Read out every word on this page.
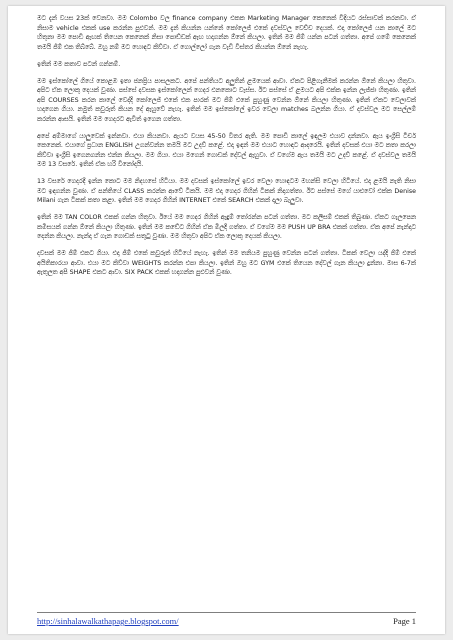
මට දැන් වයස 23ක් වෙනවා. මම Colombo වල finance company එකක Marketing Manager කෙනෙක් විදියට රස්සාවක් කරනවා. ඒ නිසාම vehicle එකක් use කරන්න පුළුවන්. මම දැන් කියන්න යන්නේ කෝලෙජ් එකේ දවස්වල වෙච්ච දෙයක්. එදා කෝලෙජ් යන කාලේ මට හිතුනා මම පොඩි ඇඟක් තියෙන කෙනෙක් නිසා පොඩ්ඩක් ඇඟ හදාගන්න ඕනේ කියලා. ඉතින් මම ජිම් යන්න පටන් ගත්තා. අපේ ගමේ කෙනෙක් තමයි ජිම් එක තිබ්බේ. ඔහු නම් මට හොඳට කිව්වා. ඒ ගොල්ලෝ ගැන වැඩි විස්තර කියන්න ඕනේ නැහැ.

ඉතින් මම කතාව පටන් ගන්නම්.

මම ඉස්කෝලේ ගියේ කොළඹ ඉතා ජනප්‍රිය පාසලකට. අපේ පන්තියට අලුතින් ළමයෙක් ආවා. ඒකට පිළිගැනීමක් කරන්න ඕනේ කියලා හිතුවා. අපිට ඒක ලොකු දෙයක් වුණා. පස්සේ දවසක ඉස්කෝලෙන් ගෙදර එනකොට වැස්ස. ඊට පස්සේ ඒ ළමයට අපි එක්ක ඉන්න ලැජ්ජා හිතුණා. ඉතින් අපි COURSES කරන කාලේ වෙද්දි කෝලෙජ් එකේ එක පාරක් මට ජිම් එකේ පුහුණු වෙන්න ඕනේ කියලා හිතුණා. ඉතින් ඒකට වෙලාවක් හදාගෙන ගියා. නමුත් කවුරුත් කියන දේ ඇහුවේ නැහැ. ඉතින් මම ඉස්කෝලේ ඉවර වෙලා matches බලන්න ගියා. ඒ දවස්වල මට සෙල්ලම් කරන්න ආසයි. ඉතින් මම ගෙදරට ඇවිත් ඉගෙන ගත්තා.

අපේ අම්මාගේ යාලුවෙක් ඉන්නවා. එයා කියනවා. ඇයට වයස 45-50 විතර ඇති. මම පොඩි කාලේ ඉඳලම එයාව දන්නවා. ඇය ඉංග්‍රීසි ටීචර් කෙනෙක්. එයාගේ ප්‍රධාන ENGLISH උගන්වන්න තමයි මට උදව් කළේ. එදා ඉඳන් මම එයාට හොඳට ආදරෙයි. ඉතින් දවසක් එයා මට කතා කරලා කිව්වා ඉංග්‍රීසි ඉගෙනගන්න එන්න කියලා. මම ගියා. එයා මගෙන් ගොඩක් දේවල් ඇහුවා. ඒ වගේම ඇය තමයි මට උදව් කළේ. ඒ දවස්වල තමයි මම 13 වසරේ. ඉතින් ඒක හරි විනෝදයි.

13 වසරේ ගෙදරදී ඉන්න කොට මම නිදහසේ හිටියා. මම දවසක් ඉස්කෝලේ ඉවර වෙලා හොඳටම මහන්සි වෙලා හිටියේ. එදා ළමයි නැති නිසා මට ඉඳගන්න වුණා. ඒ පන්තියේ CLASS කරන්න ආවේ ටිකයි. මම එදා ගෙදර ගිහින් ටිකක් නිදාගත්තා. ඊට පස්සේ මගේ යාළුවෝ එක්ක Denise Milani ගැන ටිකක් කතා කළා. ඉතින් මම ගෙදර ගිහින් INTERNET එකේ SEARCH එකක් දාලා බැලුවා.

ඉතින් මම TAN COLOR එකක් ගන්න හිතුවා. ඊයේ මම ගෙදර ගිහින් ඇඳුම් තෝරන්න පටන් ගත්තා. මට කලිසම් එකක් තිබුණා. ඒකට ගැලපෙන කමිසයක් ගන්න ඕනේ කියලා හිතුණා. ඉතින් මම කඩේට ගිහින් ඒක මිලදී ගත්තා. ඒ වගේම මම PUSH UP BRA එකක් ගත්තා. ඒක අපේ නැන්දාට දෙන්න කියලා. නැන්දා ඒ ගැන ගොඩක් සතුටු වුණා. මම හිතුවා අපිට ඒක ලොකු දෙයක් කියලා.

දවසක් මම ජිම් එකට ගියා. එදා ජිම් එකේ කවුරුත් හිටියේ නැහැ. ඉතින් මම තනියම පුහුණු වෙන්න පටන් ගත්තා. ටිකක් වෙලා යද්දි ජිම් එකේ අයිතිකාරයා ආවා. එයා මට කිව්වා WEIGHTS කරන්න එපා කියලා. ඉතින් ඔහු මට GYM එකේ තියෙන දේවල් ගැන කියලා දුන්නා. මාස 6-7ක් ඇතුලත අපි SHAPE එකට ආවා. SIX PACK එකක් හදාගන්න පුළුවන් වුණා.

http://sinhalawalkathapage.blogspot.com/	Page 1
